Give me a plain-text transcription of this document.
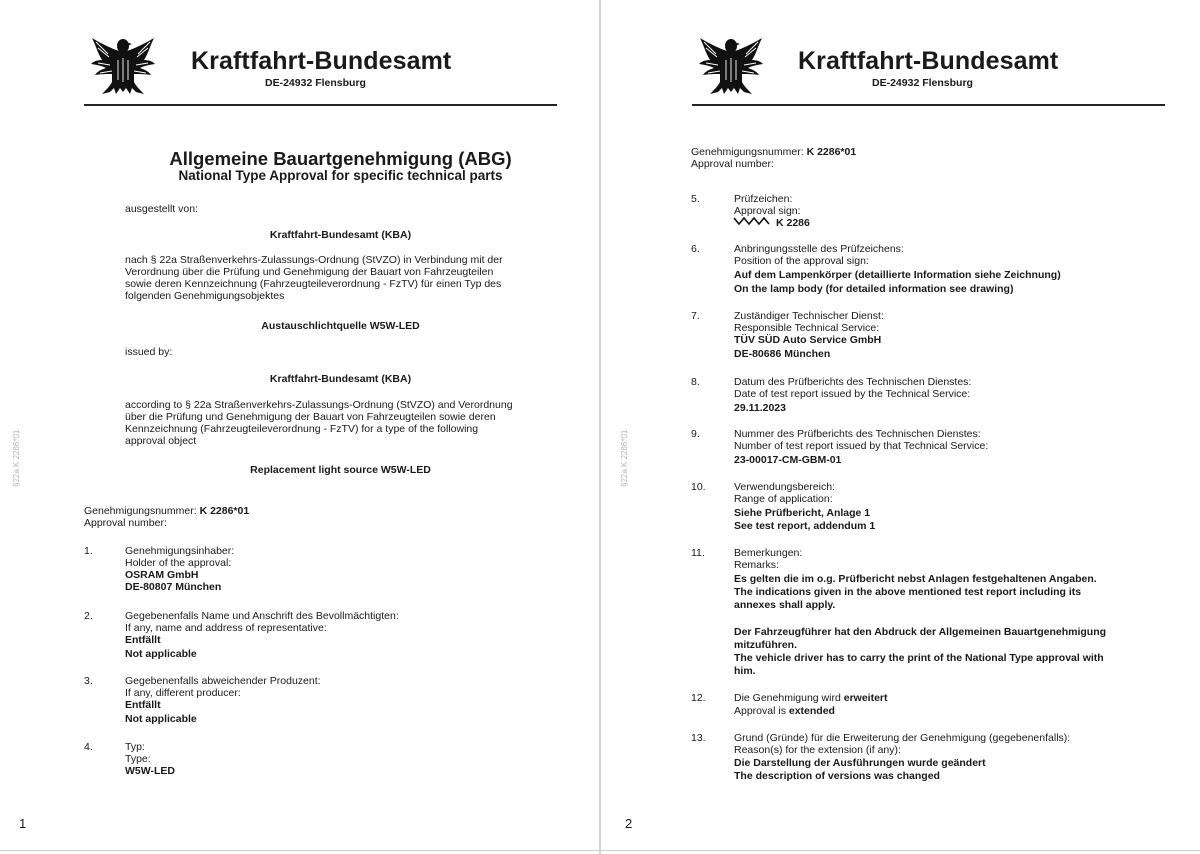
Kraftfahrt-Bundesamt
DE-24932 Flensburg
Allgemeine Bauartgenehmigung (ABG)
National Type Approval for specific technical parts
ausgestellt von:
Kraftfahrt-Bundesamt (KBA)
nach § 22a Straßenverkehrs-Zulassungs-Ordnung (StVZO) in Verbindung mit der
Verordnung über die Prüfung und Genehmigung der Bauart von Fahrzeugteilen
sowie deren Kennzeichnung (Fahrzeugteileverordnung - FzTV) für einen Typ des
folgenden Genehmigungsobjektes
Austauschlichtquelle W5W-LED
issued by:
Kraftfahrt-Bundesamt (KBA)
according to § 22a Straßenverkehrs-Zulassungs-Ordnung (StVZO) and Verordnung
über die Prüfung und Genehmigung der Bauart von Fahrzeugteilen sowie deren
Kennzeichnung (Fahrzeugteileverordnung - FzTV) for a type of the following
approval object
Replacement light source W5W-LED
§22a K 2286*01
Genehmigungsnummer: K 2286*01
Approval number:
1.	Genehmigungsinhaber:
Holder of the approval:
OSRAM GmbH
DE-80807 München
2.	Gegebenenfalls Name und Anschrift des Bevollmächtigten:
If any, name and address of representative:
Entfällt
Not applicable
3.	Gegebenenfalls abweichender Produzent:
If any, different producer:
Entfällt
Not applicable
4.	Typ:
Type:
W5W-LED
1
Kraftfahrt-Bundesamt
DE-24932 Flensburg
Genehmigungsnummer: K 2286*01
Approval number:
5.	Prüfzeichen:
Approval sign:
K 2286
6.	Anbringungsstelle des Prüfzeichens:
Position of the approval sign:
Auf dem Lampenkörper (detaillierte Information siehe Zeichnung)
On the lamp body (for detailed information see drawing)
7.	Zuständiger Technischer Dienst:
Responsible Technical Service:
TÜV SÜD Auto Service GmbH
DE-80686 München
8.	Datum des Prüfberichts des Technischen Dienstes:
Date of test report issued by the Technical Service:
29.11.2023
9.	Nummer des Prüfberichts des Technischen Dienstes:
Number of test report issued by that Technical Service:
23-00017-CM-GBM-01
§22a K 2286*01	10.	Verwendungsbereich:
Range of application:
Siehe Prüfbericht, Anlage 1
See test report, addendum 1
11.	Bemerkungen:
Remarks:
Es gelten die im o.g. Prüfbericht nebst Anlagen festgehaltenen Angaben.
The indications given in the above mentioned test report including its
annexes shall apply.
Der Fahrzeugführer hat den Abdruck der Allgemeinen Bauartgenehmigung
mitzuführen.
The vehicle driver has to carry the print of the National Type approval with
him.
12.	Die Genehmigung wird erweitert
Approval is extended
13.	Grund (Gründe) für die Erweiterung der Genehmigung (gegebenenfalls):
Reason(s) for the extension (if any):
Die Darstellung der Ausführungen wurde geändert
The description of versions was changed
2
